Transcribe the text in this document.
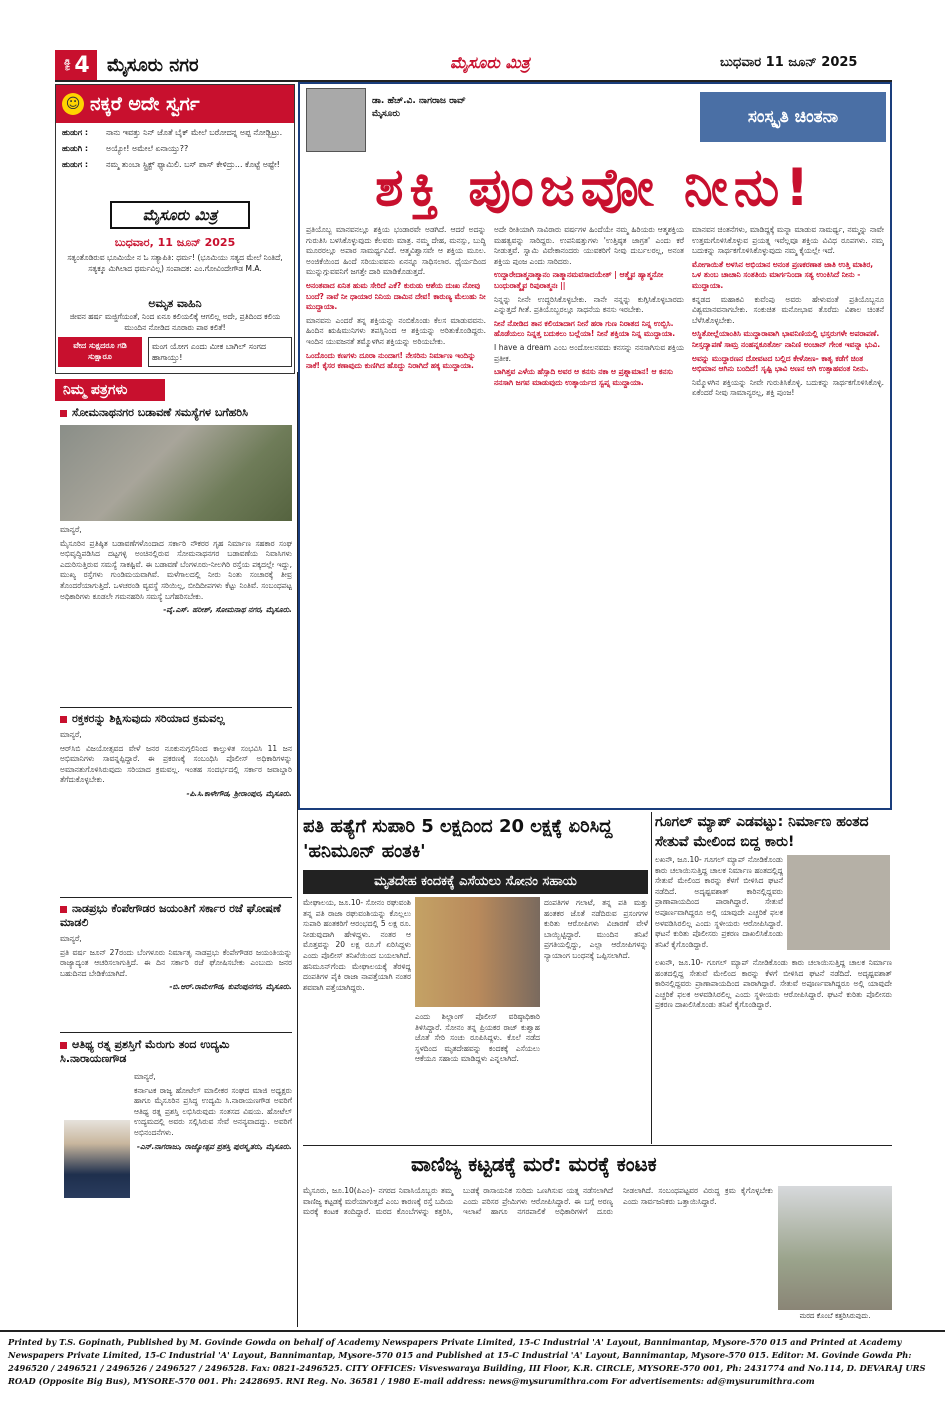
ಪುಟ 4 ಮೈಸೂರು ನಗರ	ಮೈಸೂರು ಮಿತ್ರ	ಬುಧವಾರ 11 ಜೂನ್ 2025
☺ ನಕ್ಕರೆ ಅದೇ ಸ್ವರ್ಗ
ಹುಡುಗ :	ನಾನು ಇವತ್ತು ನಿನ್ ಜೊತೆ ಬೈಕ್ ಮೇಲೆ ಬರೋದನ್ನ ಅಪ್ಪ ನೋಡ್ಬಿಟ್ರು.
ಹುಡುಗಿ :	ಅಯ್ಯೋ! ಅಮೇಲೆ ಏನಾಯ್ತು??
ಹುಡುಗ :	ನಮ್ಮ ತುಂಬಾ ಸ್ಟ್ರಿಕ್ಟ್ ಫ್ಯಾಮಿಲಿ. ಬಸ್ ಪಾಸ್ ಕೇಳಿದ್ರು... ಕೊಟ್ಟೆ ಅಷ್ಟೇ!
ಮೈಸೂರು ಮಿತ್ರ
ಬುಧವಾರ, 11 ಜೂನ್ 2025
ಸತ್ಯಂತೊಡಿರುವ ಭೂಮಿಯೇ ನ ಓ ಸತ್ಯಾಪಿತಿ: ಧರ್ಮ! (ಭೂಮಿಯು ಸತ್ಯದ ಮೇಲೆ ನಿಂತಿದೆ, ಸತ್ಯಕ್ಕೂ ಮಿಗಿಲಾದ ಧರ್ಮವಿಲ್ಲ) ಸಂಪಾದಕ: ಎಂ.ಗೋವಿಂದೇಗೌಡ M.A.
ಅಮೃತ ವಾಹಿನಿ
ಜೀವನ ಹರ್ಷ ಮಜ್ಜಿಗೆಯಂತೆ, ನಿಂದ ಏನೂ ಕಲಿಯಲಿಕ್ಕೆ ಆಗಲಿಲ್ಲ ಅದೇ, ಪ್ರತಿದಿಂದ ಕಲಿಯ ಮುಂದಿನ ನೋಡಿದ ನೂರಾರು ಪಾಠ ಕಲಿತೆ!
ವೇದ ಸುಕ್ಷದರೂ ಗಡಿ ಸುಕ್ಷಾರೂ
ಮಂಗ ಯೋಗ ಎಂದು ಮೀಕ ಬಾಗಿಲ್ ಸಂಗದ ಹಾಗಾಯ್ತು!
ನಿಮ್ಮ ಪತ್ರಗಳು
ಸೋಮನಾಥನಗರ ಬಡಾವಣೆ ಸಮಸ್ಯೆಗಳ ಬಗೆಹರಿಸಿ

ಮಾನ್ಯರೆ,

ಮೈಸೂರಿನ ಪ್ರತಿಷ್ಠಿತ ಬಡಾವಣೆಗಳೊಂದಾದ ಸರ್ಕಾರಿ ನೌಕರರ ಗೃಹ ನಿರ್ಮಾಣ ಸಹಕಾರ ಸಂಘ ಅಭಿವೃದ್ಧಿಪಡಿಸಿದ ದಟ್ಟಗಳ್ಳಿ ಅಂಚಿನಲ್ಲಿರುವ ಸೋಮನಾಥನಗರ ಬಡಾವಣೆಯ ನಿವಾಸಿಗಳು ಎದುರಿಸುತ್ತಿರುವ ಸಮಸ್ಯೆ ಸಾಕಷ್ಟಿವೆ. ಈ ಬಡಾವಣೆ ಬೆಂಗಳೂರು-ನೀಲಗಿರಿ ರಸ್ತೆಯ ಪಕ್ಕದಲ್ಲೇ ಇದ್ದು, ಮುಖ್ಯ ರಸ್ತೆಗಳು ಗುಂಡಿಮಯವಾಗಿವೆ. ಮಳೆಗಾಲದಲ್ಲಿ ನೀರು ನಿಂತು ಸಂಚಾರಕ್ಕೆ ತೀವ್ರ ತೊಂದರೆಯಾಗುತ್ತಿದೆ. ಒಳಚರಂಡಿ ವ್ಯವಸ್ಥೆ ಸರಿಯಿಲ್ಲ, ಬೀದಿದೀಪಗಳು ಕೆಟ್ಟು ನಿಂತಿವೆ. ಸಂಬಂಧಪಟ್ಟ ಅಧಿಕಾರಿಗಳು ಕೂಡಲೇ ಗಮನಹರಿಸಿ ಸಮಸ್ಯೆ ಬಗೆಹರಿಸಬೇಕು.

-ವೈ.ಎಸ್. ಹರೀಶ್, ಸೋಮನಾಥ ನಗರ, ಮೈಸೂರು.

ರಕ್ತಕರನ್ನು ಶಿಕ್ಷಿಸುವುದು ಸರಿಯಾದ ಕ್ರಮವಲ್ಲ

ಮಾನ್ಯರೆ,

ಆರ್‌ಸಿಬಿ ವಿಜಯೋತ್ಸವದ ವೇಳೆ ಜನರ ನೂಕುನುಗ್ಗಲಿನಿಂದ ಕಾಲ್ತುಳಿತ ಸಂಭವಿಸಿ 11 ಜನ ಅಭಿಮಾನಿಗಳು ಸಾವನ್ನಪ್ಪಿದ್ದಾರೆ. ಈ ಪ್ರಕರಣಕ್ಕೆ ಸಂಬಂಧಿಸಿ ಪೊಲೀಸ್ ಅಧಿಕಾರಿಗಳನ್ನು ಅಮಾನತುಗೊಳಿಸಿರುವುದು ಸರಿಯಾದ ಕ್ರಮವಲ್ಲ. ಇಂತಹ ಸಂದರ್ಭದಲ್ಲಿ ಸರ್ಕಾರ ಜವಾಬ್ದಾರಿ ತೆಗೆದುಕೊಳ್ಳಬೇಕು.

-ಪಿ.ಸಿ.ಕಾಳೇಗೌಡ, ಶ್ರೀರಾಂಪುರ, ಮೈಸೂರು.

ನಾಡಪ್ರಭು ಕೆಂಪೇಗೌಡರ ಜಯಂತಿಗೆ ಸರ್ಕಾರ ರಜೆ ಘೋಷಣೆ ಮಾಡಲಿ

ಮಾನ್ಯರೆ,

ಪ್ರತಿ ವರ್ಷ ಜೂನ್ 27ರಂದು ಬೆಂಗಳೂರು ನಿರ್ಮಾತೃ ನಾಡಪ್ರಭು ಕೆಂಪೇಗೌಡರ ಜಯಂತಿಯನ್ನು ರಾಜ್ಯಾದ್ಯಂತ ಆಚರಿಸಲಾಗುತ್ತಿದೆ. ಈ ದಿನ ಸರ್ಕಾರಿ ರಜೆ ಘೋಷಿಸಬೇಕು ಎಂಬುದು ಜನರ ಬಹುದಿನದ ಬೇಡಿಕೆಯಾಗಿದೆ.

-ಬಿ.ಆರ್.ರಾಮೇಗೌಡ, ಕುವೆಂಪುನಗರ, ಮೈಸೂರು.

ಆತಿಥ್ಯ ರತ್ನ ಪ್ರಶಸ್ತಿಗೆ ಮೆರುಗು ತಂದ ಉದ್ಯಮಿ ಸಿ.ನಾರಾಯಣಗೌಡ

ಮಾನ್ಯರೆ,

ಕರ್ನಾಟಕ ರಾಜ್ಯ ಹೋಟೆಲ್ ಮಾಲೀಕರ ಸಂಘದ ಮಾಜಿ ಅಧ್ಯಕ್ಷರು ಹಾಗೂ ಮೈಸೂರಿನ ಪ್ರಸಿದ್ಧ ಉದ್ಯಮಿ ಸಿ.ನಾರಾಯಣಗೌಡ ಅವರಿಗೆ ಆತಿಥ್ಯ ರತ್ನ ಪ್ರಶಸ್ತಿ ಲಭಿಸಿರುವುದು ಸಂತಸದ ವಿಷಯ. ಹೋಟೆಲ್ ಉದ್ಯಮದಲ್ಲಿ ಅವರು ಸಲ್ಲಿಸಿರುವ ಸೇವೆ ಅನನ್ಯವಾದದ್ದು. ಅವರಿಗೆ ಅಭಿನಂದನೆಗಳು.

-ಎನ್.ನಾಗರಾಜು, ರಾಜ್ಯೋತ್ಸವ ಪ್ರಶಸ್ತಿ ಪುರಸ್ಕೃತರು, ಮೈಸೂರು.

ಡಾ. ಹೆಚ್.ವಿ. ನಾಗರಾಜ ರಾವ್
ಮೈಸೂರು	ಸಂಸ್ಕೃತಿ ಚಿಂತನಾ
ಶಕ್ತಿ ಪುಂಜವೋ ನೀನು!

ಪ್ರತಿಯೊಬ್ಬ ಮಾನವನಲ್ಲೂ ಶಕ್ತಿಯ ಭಂಡಾರವೇ ಅಡಗಿದೆ. ಆದರೆ ಅದನ್ನು ಗುರುತಿಸಿ ಬಳಸಿಕೊಳ್ಳುವುದು ಕೆಲವರು ಮಾತ್ರ. ನಮ್ಮ ದೇಹ, ಮನಸ್ಸು, ಬುದ್ಧಿ ಮೂರರಲ್ಲೂ ಅಪಾರ ಸಾಮರ್ಥ್ಯವಿದೆ. ಆತ್ಮವಿಶ್ವಾಸವೇ ಆ ಶಕ್ತಿಯ ಮೂಲ. ಅಂಜಿಕೆಯಿಂದ ಹಿಂದೆ ಸರಿಯುವವನು ಏನನ್ನೂ ಸಾಧಿಸಲಾರ. ಧೈರ್ಯದಿಂದ ಮುನ್ನುಗ್ಗುವವನಿಗೆ ಜಗತ್ತೇ ದಾರಿ ಮಾಡಿಕೊಡುತ್ತದೆ.

ಅನಂತವಾದ ಏನಿತ ಹುಮ ಸೇರಿದೆ ಎಕೆ? ಕುರುಡು ಆಶೆಯ ದುಃಖ ನೋವು ಬಂದೆ? ನಾವೆ ನೀ ಧಾಯಾರ ನಿನಿಯ ದಾಮಿನ ದೇವ! ಕಾರುಣ್ಯ ಮೆಲುಹು ನೀ ಮುದ್ದಾಯಾ.

ಮಾನವನು ಎಂದರೆ ತನ್ನ ಶಕ್ತಿಯನ್ನು ನಂಬಿಕೊಂಡು ಕೆಲಸ ಮಾಡುವವನು. ಹಿಂದಿನ ಋಷಿಮುನಿಗಳು ತಪಸ್ಸಿನಿಂದ ಆ ಶಕ್ತಿಯನ್ನು ಅರಿತುಕೊಂಡಿದ್ದರು. ಇಂದಿನ ಯುವಜನತೆ ತಮ್ಮೊಳಗಿನ ಶಕ್ತಿಯನ್ನು ಅರಿಯಬೇಕು.

ಒಂದೊಂದು ಕಣಗಳು ದೂರಾ ನುಂದಾಗ! ನೇಸರಿನು ನಿರ್ಮಾಣ ಇಂದಿನ್ನು ನಾಕೆ! ಕೈಸರ ಕಣಾವುದು ಕುಣಿಗಿದ ಹೊದ್ದು ನಿರಾಗಿದೆ ಹಕ್ಕ ಮುದ್ದಾಯಾ.

ಅದೇ ರೀತಿಯಾಗಿ ಸಾವಿರಾರು ವರ್ಷಗಳ ಹಿಂದೆಯೇ ನಮ್ಮ ಹಿರಿಯರು ಆತ್ಮಶಕ್ತಿಯ ಮಹತ್ವವನ್ನು ಸಾರಿದ್ದರು. ಉಪನಿಷತ್ತುಗಳು 'ಉತ್ತಿಷ್ಠತ ಜಾಗ್ರತ' ಎಂದು ಕರೆ ನೀಡುತ್ತವೆ. ಸ್ವಾಮಿ ವಿವೇಕಾನಂದರು ಯುವಕರಿಗೆ ನೀವು ದುರ್ಬಲರಲ್ಲ, ಅನಂತ ಶಕ್ತಿಯ ಪುಂಜ ಎಂದು ಸಾರಿದರು.

ಉದ್ದಾರೇದಾತ್ಮನಾತ್ಮಾನಂ ನಾತ್ಮಾನಮವಸಾದಯೇತ್ | ಆತ್ಮೈವ ಹ್ಯಾತ್ಮನೋ ಬಂಧುರಾತ್ಮೈವ ರಿಪುರಾತ್ಮನಃ ||

ನಿನ್ನನ್ನು ನೀನೇ ಉದ್ಧರಿಸಿಕೊಳ್ಳಬೇಕು. ನಾನೇ ನನ್ನನ್ನು ಕುಗ್ಗಿಸಿಕೊಳ್ಳಬಾರದು ಎನ್ನುತ್ತದೆ ಗೀತೆ. ಪ್ರತಿಯೊಬ್ಬರಲ್ಲೂ ಸಾಧನೆಯ ಕನಸು ಇರಬೇಕು.

ನೀನೆ ನೋಡಿದ ತಾನ ಕಲಿಯಾದಾಗ ನೀನೆ ಹರಾ ಗುಣ ನಿರಾತದ ನಿನ್ನ ಉಬ್ಬಿಸಿ. ಹೊಡೆಯಲು ನಿನ್ನತ್ತ ಬದುಕಲು ಬಲ್ಲೆಯಾ! ನೀನೆ ಶಕ್ತಿಯಾ ನಿನ್ನ ಮುದ್ದಾಯಾ.

I have a dream ಎಂಬ ಅಂದೋಲನವದು ಕನಸನ್ನು ನನಸಾಗಿಸುವ ಶಕ್ತಿಯ ಪ್ರತೀಕ.

ಬಾಗಿತ್ತವ ಎಳೆಯ ಹೆಸ್ಸಾದಿ ಅವರ ಆ ಕನಸು ನಕಾ ಆ ಪ್ರಶ್ನಾಮಾನ! ಆ ಕನಸು ನನಸಾಗಿ ಜಗವ ಮಾಡುವುದು ಉತ್ಕಾರ್ಯದ ಸ್ವಪ್ನ ಮುದ್ದಾಯಾ.

ಮಾನವನ ಚಿಂತನೆಗಳು, ಮಾಡಿದ್ದಕ್ಕೆ ಮನ್ನಾ ಮಾಡುವ ಸಾಮರ್ಥ್ಯ, ನಮ್ಮನ್ನು ನಾವೇ ಉತ್ತಮಗೊಳಿಸಿಕೊಳ್ಳುವ ಪ್ರಯತ್ನ ಇವೆಲ್ಲವೂ ಶಕ್ತಿಯ ವಿವಿಧ ರೂಪಗಳು. ನಮ್ಮ ಬದುಕನ್ನು ಸಾರ್ಥಕಗೊಳಿಸಿಕೊಳ್ಳುವುದು ನಮ್ಮ ಕೈಯಲ್ಲೇ ಇದೆ.

ಮೋಗಾಯಿತೆ ಅಳಸಿನ ಅಭಿಯಾನ ಅನಂತ ಪ್ರಣಕರಣಾತ ಜಾತಿ ಉತ್ತಿ ಮಾತಿರ, ಒಳ ತುಂಬ ಚಾಚಾನಿ ಸಂತತಿಯ ಮಾರ್ಗನಿಂದಾ ಸತ್ಯ ಉಂಕಿಸಿದೆ ನೀನು - ಮುದ್ದಾಯಾ.

ಕನ್ನಡದ ಮಹಾಕವಿ ಕುವೆಂಪು ಅವರು ಹೇಳುವಂತೆ ಪ್ರತಿಯೊಬ್ಬನೂ ವಿಶ್ವಮಾನವನಾಗಬೇಕು. ಸಂಕುಚಿತ ಮನೋಭಾವ ತೊರೆದು ವಿಶಾಲ ಚಿಂತನೆ ಬೆಳೆಸಿಕೊಳ್ಳಬೇಕು.

ಅಸ್ಥಿತೋಲ್ಲೆಯಾಂತಿಸಿ ಮುದ್ದಾರಾವಾಗಿ ಭಾವನಿಣಿಯಲ್ಲಿ ಭಸ್ತರುಗಳೇ ಅಪರಾಪಣೆ. ನೀಸ್ತದ್ಯಾಪಣೆ ಸಾಮ್ರ ನಂಹನ್ನಕೂರ್ತೋ ನಾನಿಣಿ ಅಂಚಾನ್ ಗೇಂಕ ಇವನ್ನಾ ಭುವಿ.

ಅವನ್ನು ಮುದ್ದಾರಣನ ದೋವಟದ ಬಲ್ಲಿದ ಕೇಳೋಣ- ಕಾತೃ ಕಡೆಗೆ ಚಿಂತ ಅಭಿಮಾನ ಆಗಿನು ಬಂದಿದೆ! ಸೃಷ್ಟಿ ಭಾವಿ ಅಣನ ಆಗಿ ಉತ್ಸಾಹವಂತ ನೀನು.

ನಿಮ್ಮೊಳಗಿನ ಶಕ್ತಿಯನ್ನು ನೀವೇ ಗುರುತಿಸಿಕೊಳ್ಳಿ. ಬದುಕನ್ನು ಸಾರ್ಥಕಗೊಳಿಸಿಕೊಳ್ಳಿ. ಏಕೆಂದರೆ ನೀವು ಸಾಮಾನ್ಯರಲ್ಲ, ಶಕ್ತಿ ಪುಂಜ!

ಪತಿ ಹತ್ಯೆಗೆ ಸುಪಾರಿ 5 ಲಕ್ಷದಿಂದ 20 ಲಕ್ಷಕ್ಕೆ ಏರಿಸಿದ್ದ 'ಹನಿಮೂನ್ ಹಂತಕಿ'
ಮೃತದೇಹ ಕಂದಕಕ್ಕೆ ಎಸೆಯಲು ಸೋನಂ ಸಹಾಯ
ಮೇಘಾಲಯ, ಜೂ.10- ಸೋನಂ ರಘುವಂಶಿ ತನ್ನ ಪತಿ ರಾಜಾ ರಘುವಂಶಿಯನ್ನು ಕೊಲ್ಲಲು ಸುಪಾರಿ ಹಂತಕರಿಗೆ ಆರಂಭದಲ್ಲಿ 5 ಲಕ್ಷ ರೂ. ನೀಡುವುದಾಗಿ ಹೇಳಿದ್ದಳು. ನಂತರ ಆ ಮೊತ್ತವನ್ನು 20 ಲಕ್ಷ ರೂ.ಗೆ ಏರಿಸಿದ್ದಳು ಎಂದು ಪೊಲೀಸ್ ತನಿಖೆಯಿಂದ ಬಯಲಾಗಿದೆ. ಹನಿಮೂನ್‌ಗೆಂದು ಮೇಘಾಲಯಕ್ಕೆ ತೆರಳಿದ್ದ ದಂಪತಿಗಳ ಪೈಕಿ ರಾಜಾ ನಾಪತ್ತೆಯಾಗಿ ನಂತರ ಶವವಾಗಿ ಪತ್ತೆಯಾಗಿದ್ದರು.
ಎಂದು ಶಿಲ್ಲಾಂಗ್ ಪೊಲೀಸ್ ವರಿಷ್ಠಾಧಿಕಾರಿ ತಿಳಿಸಿದ್ದಾರೆ. ಸೋನಂ ತನ್ನ ಪ್ರಿಯಕರ ರಾಜ್ ಕುಶ್ವಾಹ ಜೊತೆ ಸೇರಿ ಸಂಚು ರೂಪಿಸಿದ್ದಳು. ಕೊಲೆ ನಡೆದ ಸ್ಥಳದಿಂದ ಮೃತದೇಹವನ್ನು ಕಂದಕಕ್ಕೆ ಎಸೆಯಲು ಆಕೆಯೂ ಸಹಾಯ ಮಾಡಿದ್ದಳು ಎನ್ನಲಾಗಿದೆ.
ದಂಪತಿಗಳ ಗಲಾಟೆ, ತನ್ನ ಪತಿ ಮತ್ತು ಹಂತಕರ ಜೊತೆ ನಡೆದಿರುವ ಪ್ರಸಂಗಗಳ ಕುರಿತು ಆರೋಪಿಗಳು ವಿಚಾರಣೆ ವೇಳೆ ಬಾಯ್ಬಿಟ್ಟಿದ್ದಾರೆ. ಮುಂದಿನ ತನಿಖೆ ಪ್ರಗತಿಯಲ್ಲಿದ್ದು, ಎಲ್ಲಾ ಆರೋಪಿಗಳನ್ನು ನ್ಯಾಯಾಂಗ ಬಂಧನಕ್ಕೆ ಒಪ್ಪಿಸಲಾಗಿದೆ.
ಗೂಗಲ್ ಮ್ಯಾಪ್ ಎಡವಟ್ಟು: ನಿರ್ಮಾಣ ಹಂತದ ಸೇತುವೆ ಮೇಲಿಂದ ಬಿದ್ದ ಕಾರು!
ಲಖನೌ, ಜೂ.10- ಗೂಗಲ್ ಮ್ಯಾಪ್ ನೋಡಿಕೊಂಡು ಕಾರು ಚಲಾಯಿಸುತ್ತಿದ್ದ ಚಾಲಕ ನಿರ್ಮಾಣ ಹಂತದಲ್ಲಿದ್ದ ಸೇತುವೆ ಮೇಲಿಂದ ಕಾರನ್ನು ಕೆಳಗೆ ಬೀಳಿಸಿದ ಘಟನೆ ನಡೆದಿದೆ. ಅದೃಷ್ಟವಶಾತ್ ಕಾರಿನಲ್ಲಿದ್ದವರು ಪ್ರಾಣಾಪಾಯದಿಂದ ಪಾರಾಗಿದ್ದಾರೆ. ಸೇತುವೆ ಅಪೂರ್ಣವಾಗಿದ್ದರೂ ಅಲ್ಲಿ ಯಾವುದೇ ಎಚ್ಚರಿಕೆ ಫಲಕ ಅಳವಡಿಸಿರಲಿಲ್ಲ ಎಂದು ಸ್ಥಳೀಯರು ಆರೋಪಿಸಿದ್ದಾರೆ. ಘಟನೆ ಕುರಿತು ಪೊಲೀಸರು ಪ್ರಕರಣ ದಾಖಲಿಸಿಕೊಂಡು ತನಿಖೆ ಕೈಗೊಂಡಿದ್ದಾರೆ.
ಲಖನೌ, ಜೂ.10- ಗೂಗಲ್ ಮ್ಯಾಪ್ ನೋಡಿಕೊಂಡು ಕಾರು ಚಲಾಯಿಸುತ್ತಿದ್ದ ಚಾಲಕ ನಿರ್ಮಾಣ ಹಂತದಲ್ಲಿದ್ದ ಸೇತುವೆ ಮೇಲಿಂದ ಕಾರನ್ನು ಕೆಳಗೆ ಬೀಳಿಸಿದ ಘಟನೆ ನಡೆದಿದೆ. ಅದೃಷ್ಟವಶಾತ್ ಕಾರಿನಲ್ಲಿದ್ದವರು ಪ್ರಾಣಾಪಾಯದಿಂದ ಪಾರಾಗಿದ್ದಾರೆ. ಸೇತುವೆ ಅಪೂರ್ಣವಾಗಿದ್ದರೂ ಅಲ್ಲಿ ಯಾವುದೇ ಎಚ್ಚರಿಕೆ ಫಲಕ ಅಳವಡಿಸಿರಲಿಲ್ಲ ಎಂದು ಸ್ಥಳೀಯರು ಆರೋಪಿಸಿದ್ದಾರೆ. ಘಟನೆ ಕುರಿತು ಪೊಲೀಸರು ಪ್ರಕರಣ ದಾಖಲಿಸಿಕೊಂಡು ತನಿಖೆ ಕೈಗೊಂಡಿದ್ದಾರೆ.
ವಾಣಿಜ್ಯ ಕಟ್ಟಡಕ್ಕೆ ಮರೆ: ಮರಕ್ಕೆ ಕಂಟಕ
ಮೈಸೂರು, ಜೂ.10(ಪಿಎಂ)- ನಗರದ ನಿವಾಸಿಯೊಬ್ಬರು ತಮ್ಮ ವಾಣಿಜ್ಯ ಕಟ್ಟಡಕ್ಕೆ ಮರೆಯಾಗುತ್ತದೆ ಎಂಬ ಕಾರಣಕ್ಕೆ ರಸ್ತೆ ಬದಿಯ ಮರಕ್ಕೆ ಕಂಟಕ ತಂದಿದ್ದಾರೆ. ಮರದ ಕೊಂಬೆಗಳನ್ನು ಕತ್ತರಿಸಿ, ಬುಡಕ್ಕೆ ರಾಸಾಯನಿಕ ಸುರಿದು ಒಣಗಿಸುವ ಯತ್ನ ನಡೆಸಲಾಗಿದೆ ಎಂದು ಪರಿಸರ ಪ್ರೇಮಿಗಳು ಆರೋಪಿಸಿದ್ದಾರೆ. ಈ ಬಗ್ಗೆ ಅರಣ್ಯ ಇಲಾಖೆ ಹಾಗೂ ನಗರಪಾಲಿಕೆ ಅಧಿಕಾರಿಗಳಿಗೆ ದೂರು ನೀಡಲಾಗಿದೆ. ಸಂಬಂಧಪಟ್ಟವರ ವಿರುದ್ಧ ಕ್ರಮ ಕೈಗೊಳ್ಳಬೇಕು ಎಂದು ಸಾರ್ವಜನಿಕರು ಒತ್ತಾಯಿಸಿದ್ದಾರೆ.
ಮರದ ಕೊಂಬೆ ಕತ್ತರಿಸಿರುವುದು.
Printed by T.S. Gopinath, Published by M. Govinde Gowda on behalf of Academy Newspapers Private Limited, 15-C Industrial 'A' Layout, Bannimantap, Mysore-570 015 and Printed at Academy Newspapers Private Limited, 15-C Industrial 'A' Layout, Bannimantap, Mysore-570 015 and Published at 15-C Industrial 'A' Layout, Bannimantap, Mysore-570 015. Editor: M. Govinde Gowda Ph: 2496520 / 2496521 / 2496526 / 2496527 / 2496528. Fax: 0821-2496525. CITY OFFICES: Visveswaraya Building, III Floor, K.R. CIRCLE, MYSORE-570 001, Ph: 2431774 and No.114, D. DEVARAJ URS ROAD (Opposite Big Bus), MYSORE-570 001. Ph: 2428695. RNI Reg. No. 36581 / 1980 E-mail address: news@mysurumithra.com For advertisements: ad@mysurumithra.com
